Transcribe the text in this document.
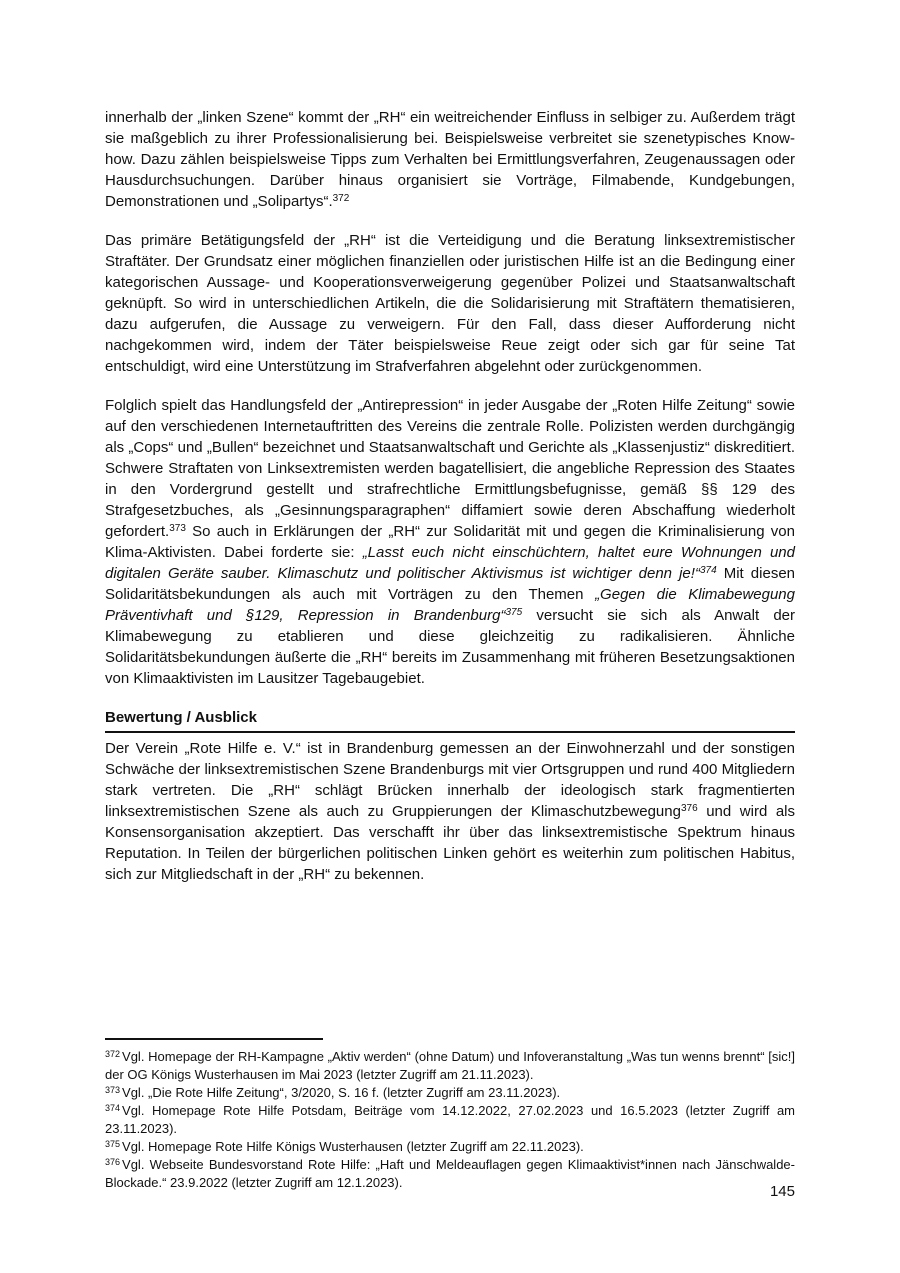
innerhalb der „linken Szene“ kommt der „RH“ ein weitreichender Einfluss in selbiger zu. Außerdem trägt sie maßgeblich zu ihrer Professionalisierung bei. Beispielsweise verbreitet sie szenetypisches Know-how. Dazu zählen beispielsweise Tipps zum Verhalten bei Ermittlungsverfahren, Zeugenaussagen oder Hausdurchsuchungen. Darüber hinaus organisiert sie Vorträge, Filmabende, Kundgebungen, Demonstrationen und „Solipartys“.$^{372}$

Das primäre Betätigungsfeld der „RH“ ist die Verteidigung und die Beratung linksextremistischer Straftäter. Der Grundsatz einer möglichen finanziellen oder juristischen Hilfe ist an die Bedingung einer kategorischen Aussage- und Kooperationsverweigerung gegenüber Polizei und Staatsanwaltschaft geknüpft. So wird in unterschiedlichen Artikeln, die die Solidarisierung mit Straftätern thematisieren, dazu aufgerufen, die Aussage zu verweigern. Für den Fall, dass dieser Aufforderung nicht nachgekommen wird, indem der Täter beispielsweise Reue zeigt oder sich gar für seine Tat entschuldigt, wird eine Unterstützung im Strafverfahren abgelehnt oder zurückgenommen.

Folglich spielt das Handlungsfeld der „Antirepression“ in jeder Ausgabe der „Roten Hilfe Zeitung“ sowie auf den verschiedenen Internetauftritten des Vereins die zentrale Rolle. Polizisten werden durchgängig als „Cops“ und „Bullen“ bezeichnet und Staatsanwaltschaft und Gerichte als „Klassenjustiz“ diskreditiert. Schwere Straftaten von Linksextremisten werden bagatellisiert, die angebliche Repression des Staates in den Vordergrund gestellt und strafrechtliche Ermittlungsbefugnisse, gemäß §§ 129 des Strafgesetzbuches, als „Gesinnungsparagraphen“ diffamiert sowie deren Abschaffung wiederholt gefordert.$^{373}$ So auch in Erklärungen der „RH“ zur Solidarität mit und gegen die Kriminalisierung von Klima-Aktivisten. Dabei forderte sie: „Lasst euch nicht einschüchtern, haltet eure Wohnungen und digitalen Geräte sauber. Klimaschutz und politischer Aktivismus ist wichtiger denn je!“$^{374}$ Mit diesen Solidaritätsbekundungen als auch mit Vorträgen zu den Themen „Gegen die Klimabewegung Präventivhaft und §129, Repression in Brandenburg“$^{375}$ versucht sie sich als Anwalt der Klimabewegung zu etablieren und diese gleichzeitig zu radikalisieren. Ähnliche Solidaritätsbekundungen äußerte die „RH“ bereits im Zusammenhang mit früheren Besetzungsaktionen von Klimaaktivisten im Lausitzer Tagebaugebiet.

Bewertung / Ausblick

Der Verein „Rote Hilfe e. V.“ ist in Brandenburg gemessen an der Einwohnerzahl und der sonstigen Schwäche der linksextremistischen Szene Brandenburgs mit vier Ortsgruppen und rund 400 Mitgliedern stark vertreten. Die „RH“ schlägt Brücken innerhalb der ideologisch stark fragmentierten linksextremistischen Szene als auch zu Gruppierungen der Klimaschutzbewegung$^{376}$ und wird als Konsensorganisation akzeptiert. Das verschafft ihr über das linksextremistische Spektrum hinaus Reputation. In Teilen der bürgerlichen politischen Linken gehört es weiterhin zum politischen Habitus, sich zur Mitgliedschaft in der „RH“ zu bekennen.

$^{372}$ Vgl. Homepage der RH-Kampagne „Aktiv werden“ (ohne Datum) und Infoveranstaltung „Was tun wenns brennt“ [sic!] der OG Königs Wusterhausen im Mai 2023 (letzter Zugriff am 21.11.2023).

$^{373}$ Vgl. „Die Rote Hilfe Zeitung“, 3/2020, S. 16 f. (letzter Zugriff am 23.11.2023).

$^{374}$ Vgl. Homepage Rote Hilfe Potsdam, Beiträge vom 14.12.2022, 27.02.2023 und 16.5.2023 (letzter Zugriff am 23.11.2023).

$^{375}$ Vgl. Homepage Rote Hilfe Königs Wusterhausen (letzter Zugriff am 22.11.2023).

$^{376}$ Vgl. Webseite Bundesvorstand Rote Hilfe: „Haft und Meldeauflagen gegen Klimaaktivist*innen nach Jänschwalde-Blockade.“ 23.9.2022 (letzter Zugriff am 12.1.2023).

145
